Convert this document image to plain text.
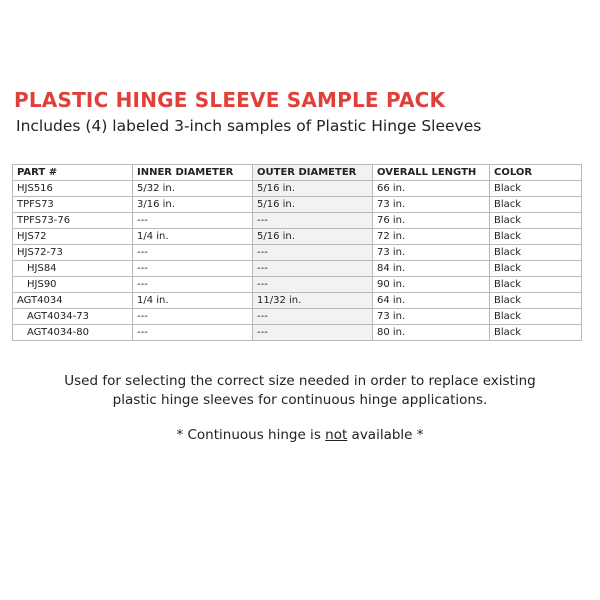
PLASTIC HINGE SLEEVE SAMPLE PACK

Includes (4) labeled 3-inch samples of Plastic Hinge Sleeves

PART #	INNER DIAMETER	OUTER DIAMETER	OVERALL LENGTH	COLOR
HJS516	5/32 in.	5/16 in.	66 in.	Black
TPFS73	3/16 in.	5/16 in.	73 in.	Black
TPFS73-76	---	---	76 in.	Black
HJS72	1/4 in.	5/16 in.	72 in.	Black
HJS72-73	---	---	73 in.	Black
HJS84	---	---	84 in.	Black
HJS90	---	---	90 in.	Black
AGT4034	1/4 in.	11/32 in.	64 in.	Black
AGT4034-73	---	---	73 in.	Black
AGT4034-80	---	---	80 in.	Black

Used for selecting the correct size needed in order to replace existing
plastic hinge sleeves for continuous hinge applications.

* Continuous hinge is not available *
